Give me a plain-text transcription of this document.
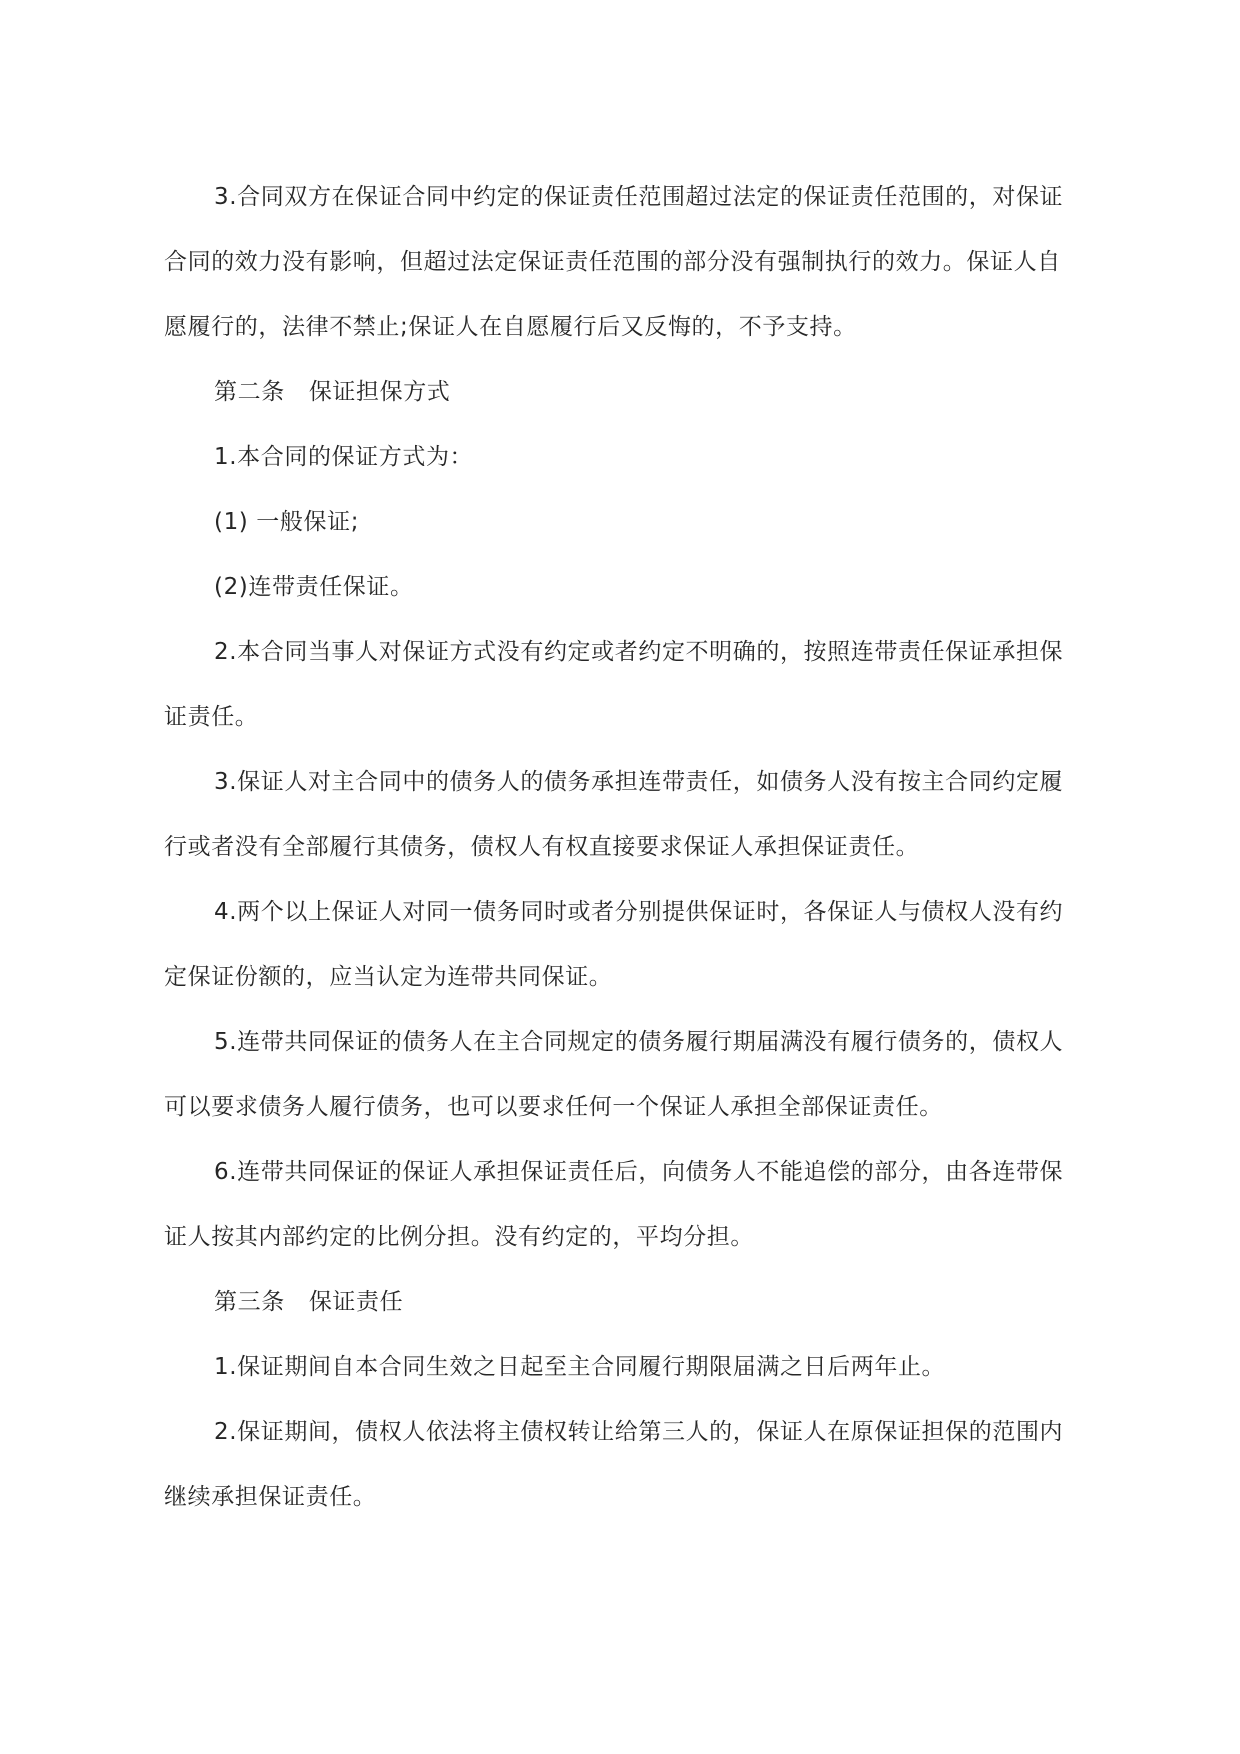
3.合同双方在保证合同中约定的保证责任范围超过法定的保证责任范围的，对保证合同的效力没有影响，但超过法定保证责任范围的部分没有强制执行的效力。保证人自愿履行的，法律不禁止;保证人在自愿履行后又反悔的，不予支持。

第二条 保证担保方式

1.本合同的保证方式为：

(1) 一般保证;

(2)连带责任保证。

2.本合同当事人对保证方式没有约定或者约定不明确的，按照连带责任保证承担保证责任。

3.保证人对主合同中的债务人的债务承担连带责任，如债务人没有按主合同约定履行或者没有全部履行其债务，债权人有权直接要求保证人承担保证责任。

4.两个以上保证人对同一债务同时或者分别提供保证时，各保证人与债权人没有约定保证份额的，应当认定为连带共同保证。

5.连带共同保证的债务人在主合同规定的债务履行期届满没有履行债务的，债权人可以要求债务人履行债务，也可以要求任何一个保证人承担全部保证责任。

6.连带共同保证的保证人承担保证责任后，向债务人不能追偿的部分，由各连带保证人按其内部约定的比例分担。没有约定的，平均分担。

第三条 保证责任

1.保证期间自本合同生效之日起至主合同履行期限届满之日后两年止。

2.保证期间，债权人依法将主债权转让给第三人的，保证人在原保证担保的范围内继续承担保证责任。
